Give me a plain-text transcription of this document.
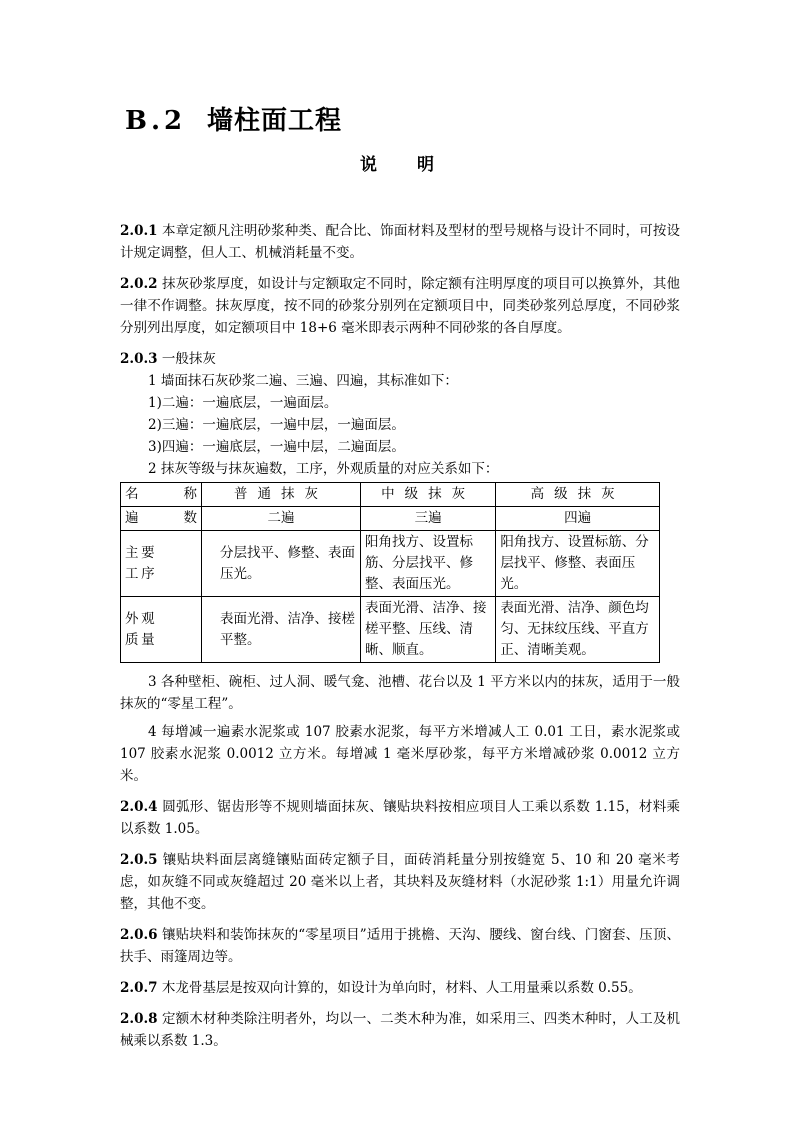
B.2 墙柱面工程
说明

2.0.1 本章定额凡注明砂浆种类、配合比、饰面材料及型材的型号规格与设计不同时，可按设计规定调整，但人工、机械消耗量不变。

2.0.2 抹灰砂浆厚度，如设计与定额取定不同时，除定额有注明厚度的项目可以换算外，其他一律不作调整。抹灰厚度，按不同的砂浆分别列在定额项目中，同类砂浆列总厚度，不同砂浆分别列出厚度，如定额项目中 18+6 毫米即表示两种不同砂浆的各自厚度。

2.0.3 一般抹灰

1 墙面抹石灰砂浆二遍、三遍、四遍，其标准如下：

1)二遍：一遍底层，一遍面层。

2)三遍：一遍底层，一遍中层，一遍面层。

3)四遍：一遍底层，一遍中层，二遍面层。

2 抹灰等级与抹灰遍数，工序，外观质量的对应关系如下：

名称	普通抹灰	中级抹灰	高级抹灰

遍数	二遍	三遍	四遍

主要工序	分层找平、修整、表面压光。	阳角找方、设置标筋、分层找平、修整、表面压光。	阳角找方、设置标筋、分层找平、修整、表面压光。

外观质量	表面光滑、洁净、接槎平整。	表面光滑、洁净、接槎平整、压线、清晰、顺直。	表面光滑、洁净、颜色均匀、无抹纹压线、平直方正、清晰美观。

3 各种壁柜、碗柜、过人洞、暖气龛、池槽、花台以及 1 平方米以内的抹灰，适用于一般抹灰的“零星工程”。

4 每增减一遍素水泥浆或 107 胶素水泥浆，每平方米增减人工 0.01 工日，素水泥浆或 107 胶素水泥浆 0.0012 立方米。每增减 1 毫米厚砂浆，每平方米增减砂浆 0.0012 立方米。

2.0.4 圆弧形、锯齿形等不规则墙面抹灰、镶贴块料按相应项目人工乘以系数 1.15，材料乘以系数 1.05。

2.0.5 镶贴块料面层离缝镶贴面砖定额子目，面砖消耗量分别按缝宽 5、10 和 20 毫米考虑，如灰缝不同或灰缝超过 20 毫米以上者，其块料及灰缝材料（水泥砂浆 1:1）用量允许调整，其他不变。

2.0.6 镶贴块料和装饰抹灰的“零星项目”适用于挑檐、天沟、腰线、窗台线、门窗套、压顶、扶手、雨篷周边等。

2.0.7 木龙骨基层是按双向计算的，如设计为单向时，材料、人工用量乘以系数 0.55。

2.0.8 定额木材种类除注明者外，均以一、二类木种为准，如采用三、四类木种时，人工及机械乘以系数 1.3。
